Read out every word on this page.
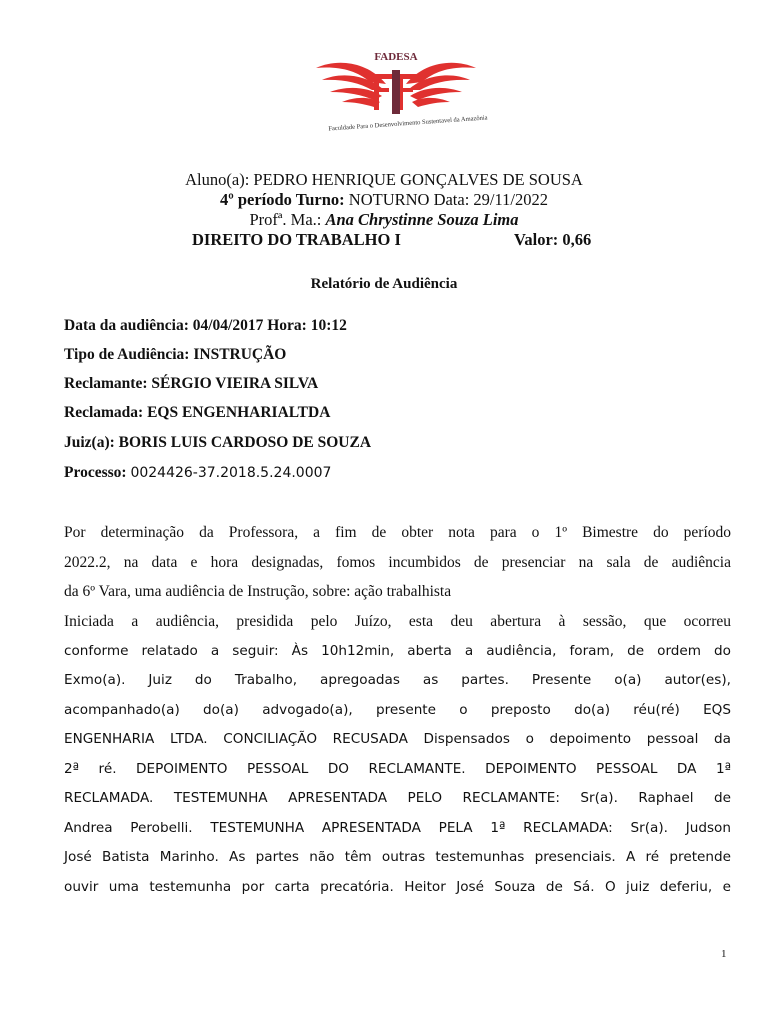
FADESA
Faculdade Para o Desenvolvimento Sustentavel da Amazônia
Aluno(a): PEDRO HENRIQUE GONÇALVES DE SOUSA
4º período Turno: NOTURNO Data: 29/11/2022
Profª. Ma.: Ana Chrystinne Souza Lima
DIREITO DO TRABALHO I	Valor: 0,66
Relatório de Audiência
Data da audiência: 04/04/2017 Hora: 10:12
Tipo de Audiência: INSTRUÇÃO
Reclamante: SÉRGIO VIEIRA SILVA
Reclamada: EQS ENGENHARIALTDA
Juiz(a): BORIS LUIS CARDOSO DE SOUZA
Processo: 0024426-37.2018.5.24.0007
Por determinação da Professora, a fim de obter nota para o 1º Bimestre do período
2022.2, na data e hora designadas, fomos incumbidos de presenciar na sala de audiência
da 6º Vara, uma audiência de Instrução, sobre: ação trabalhista
Iniciada a audiência, presidida pelo Juízo, esta deu abertura à sessão, que ocorreu
conforme relatado a seguir: Às 10h12min, aberta a audiência, foram, de ordem do
Exmo(a). Juiz do Trabalho, apregoadas as partes. Presente o(a) autor(es),
acompanhado(a) do(a) advogado(a), presente o preposto do(a) réu(ré) EQS
ENGENHARIA LTDA. CONCILIAÇÃO RECUSADA Dispensados o depoimento pessoal da
2ª ré. DEPOIMENTO PESSOAL DO RECLAMANTE. DEPOIMENTO PESSOAL DA 1ª
RECLAMADA. TESTEMUNHA APRESENTADA PELO RECLAMANTE: Sr(a). Raphael de
Andrea Perobelli. TESTEMUNHA APRESENTADA PELA 1ª RECLAMADA: Sr(a). Judson
José Batista Marinho. As partes não têm outras testemunhas presenciais. A ré pretende
ouvir uma testemunha por carta precatória. Heitor José Souza de Sá. O juiz deferiu, e
1
